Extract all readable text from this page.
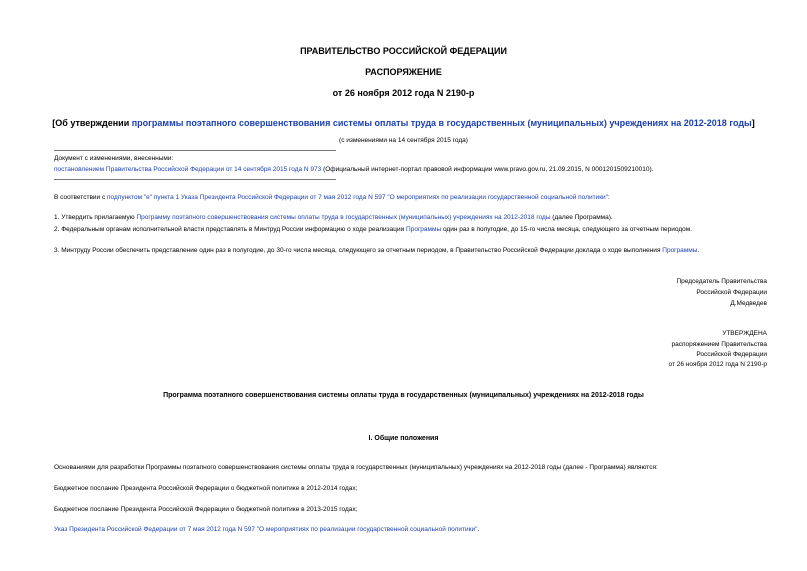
ПРАВИТЕЛЬСТВО РОССИЙСКОЙ ФЕДЕРАЦИИ
РАСПОРЯЖЕНИЕ
от 26 ноября 2012 года N 2190-р
[Об утверждении программы поэтапного совершенствования системы оплаты труда в государственных (муниципальных) учреждениях на 2012-2018 годы]
(с изменениями на 14 сентября 2015 года)
Документ с изменениями, внесенными:
постановлением Правительства Российской Федерации от 14 сентября 2015 года N 973 (Официальный интернет-портал правовой информации www.pravo.gov.ru, 21.09.2015, N 0001201509210010).
В соответствии с подпунктом "е" пункта 1 Указа Президента Российской Федерации от 7 мая 2012 года N 597 "О мероприятиях по реализации государственной социальной политики":
1. Утвердить прилагаемую Программу поэтапного совершенствования системы оплаты труда в государственных (муниципальных) учреждениях на 2012-2018 годы (далее Программа).
2. Федеральным органам исполнительной власти представлять в Минтруд России информацию о ходе реализации Программы один раз в полугодие, до 15-го числа месяца, следующего за отчетным периодом.
3. Минтруду России обеспечить представление один раз в полугодие, до 30-го числа месяца, следующего за отчетным периодом, в Правительство Российской Федерации доклада о ходе выполнения Программы.
Председатель Правительства
Российской Федерации
Д.Медведев
УТВЕРЖДЕНА
распоряжением Правительства
Российской Федерации
от 26 ноября 2012 года N 2190-р
Программа поэтапного совершенствования системы оплаты труда в государственных (муниципальных) учреждениях на 2012-2018 годы
I. Общие положения
Основаниями для разработки Программы поэтапного совершенствования системы оплаты труда в государственных (муниципальных) учреждениях на 2012-2018 годы (далее - Программа) являются:
Бюджетное послание Президента Российской Федерации о бюджетной политике в 2012-2014 годах;
Бюджетное послание Президента Российской Федерации о бюджетной политике в 2013-2015 годах;
Указ Президента Российской Федерации от 7 мая 2012 года N 597 "О мероприятиях по реализации государственной социальной политики".
